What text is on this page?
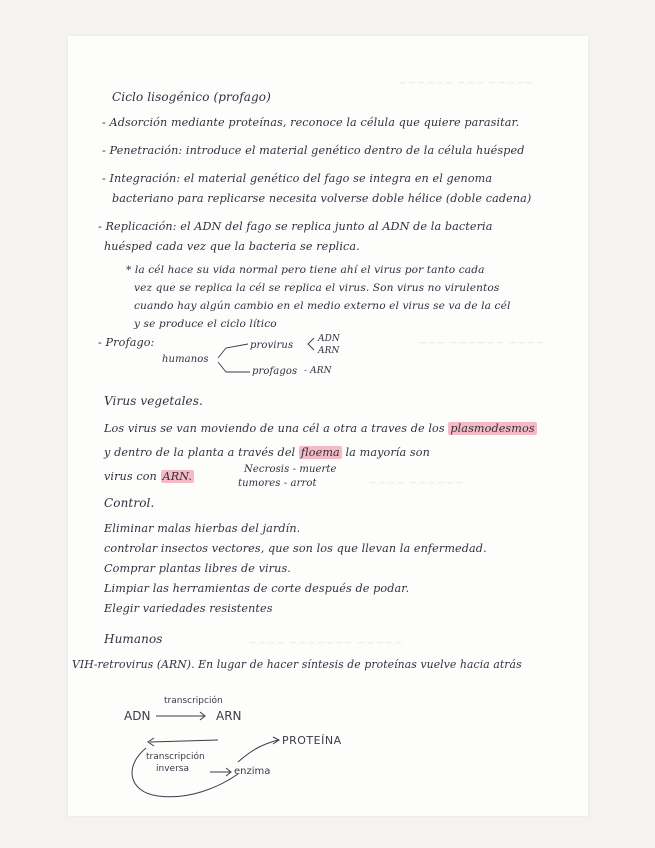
~~~~~ ~~~ ~~~~~~
~~~~ ~~~~~~ ~~~
~~~~~~ ~~~~
~~~~~ ~~~~~~~ ~~~~
Ciclo lisogénico (profago)
- Adsorción mediante proteínas, reconoce la célula que quiere parasitar.
- Penetración: introduce el material genético dentro de la célula huésped
- Integración: el material genético del fago se integra en el genoma
bacteriano para replicarse necesita volverse doble hélice (doble cadena)
- Replicación: el ADN del fago se replica junto al ADN de la bacteria
huésped cada vez que la bacteria se replica.
* la cél hace su vida normal pero tiene ahí el virus por tanto cada
vez que se replica la cél se replica el virus. Son virus no virulentos
cuando hay algún cambio en el medio externo el virus se va de la cél
y se produce el ciclo lítico
- Profago:
humanos
provirus
ADN
ARN
profagos - ARN
Virus vegetales.
Los virus se van moviendo de una cél a otra a traves de los plasmodesmos
y dentro de la planta a través del floema la mayoría son
virus con ARN.
Necrosis - muerte
tumores - arrot
Control.
Eliminar malas hierbas del jardín.
controlar insectos vectores, que son los que llevan la enfermedad.
Comprar plantas libres de virus.
Limpiar las herramientas de corte después de podar.
Elegir variedades resistentes
Humanos
VIH-retrovirus (ARN). En lugar de hacer síntesis de proteínas vuelve hacia atrás
transcripción
ADN	ARN
PROTEÍNA
transcripción
inversa	enzima
